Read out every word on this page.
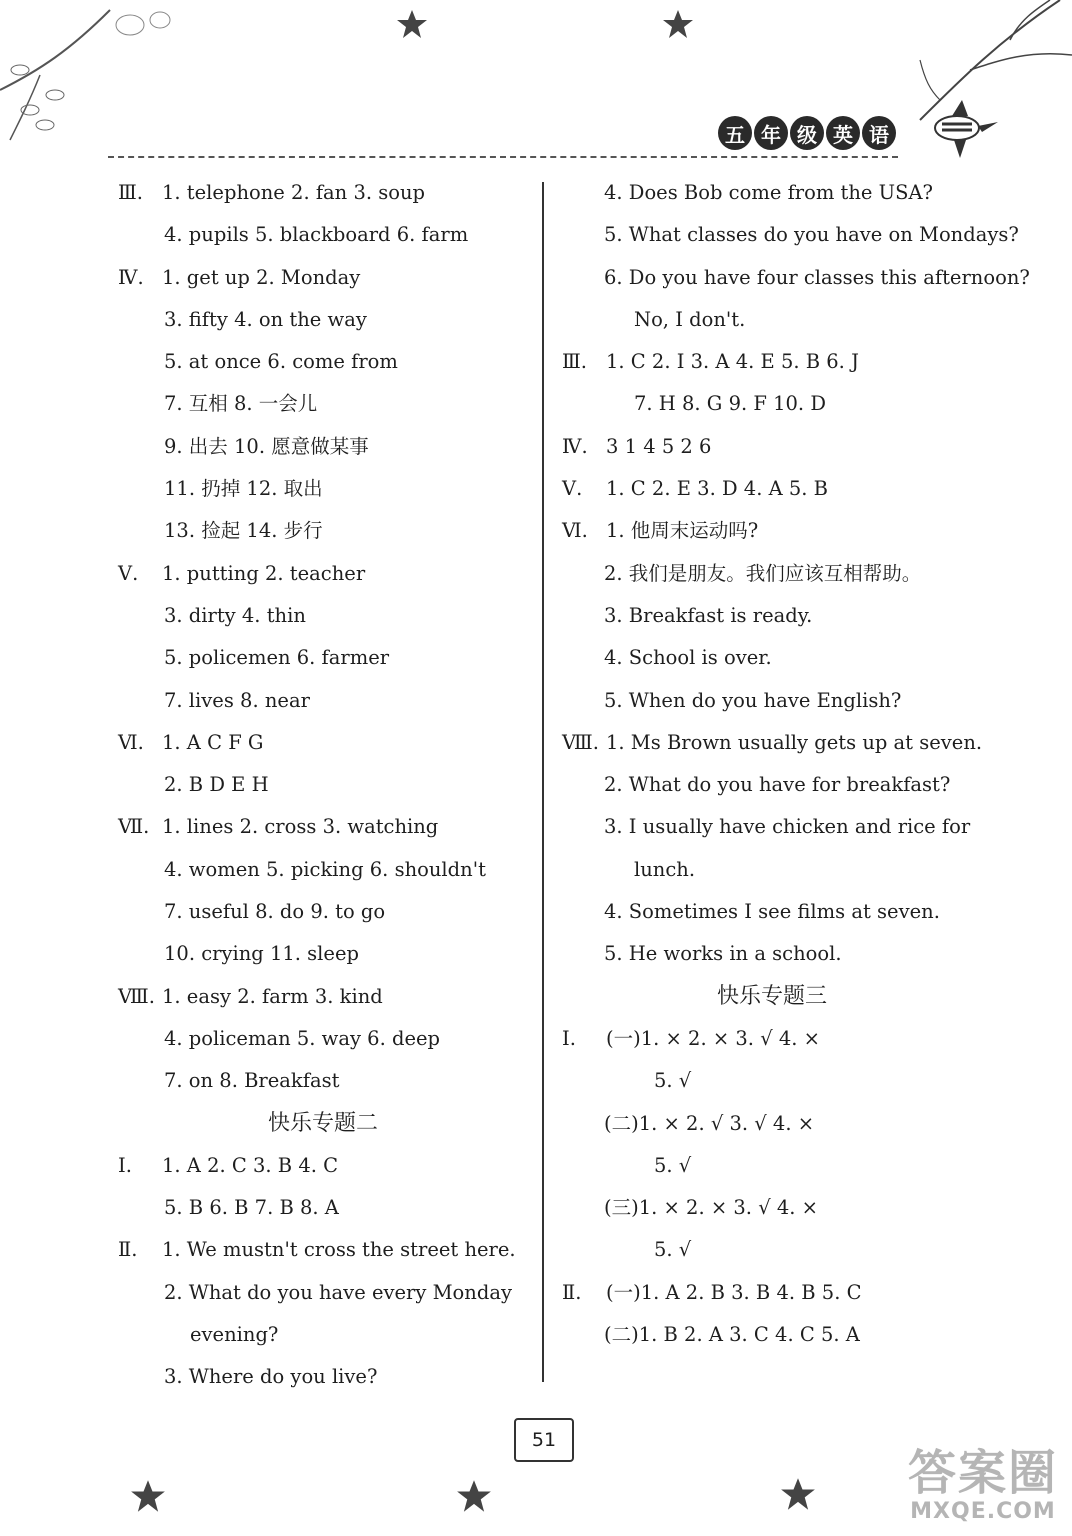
五 年 级 英 语
Ⅲ. 1. telephone 2. fan 3. soup
4. pupils 5. blackboard 6. farm
Ⅳ. 1. get up 2. Monday
3. fifty 4. on the way
5. at once 6. come from
7. 互相 8. 一会儿
9. 出去 10. 愿意做某事
11. 扔掉 12. 取出
13. 捡起 14. 步行
Ⅴ. 1. putting 2. teacher
3. dirty 4. thin
5. policemen 6. farmer
7. lives 8. near
Ⅵ. 1. A C F G
2. B D E H
Ⅶ. 1. lines 2. cross 3. watching
4. women 5. picking 6. shouldn't
7. useful 8. do 9. to go
10. crying 11. sleep
Ⅷ. 1. easy 2. farm 3. kind
4. policeman 5. way 6. deep
7. on 8. Breakfast
快乐专题二
Ⅰ. 1. A 2. C 3. B 4. C
5. B 6. B 7. B 8. A
Ⅱ. 1. We mustn't cross the street here.
2. What do you have every Monday
evening?
3. Where do you live?
4. Does Bob come from the USA?
5. What classes do you have on Mondays?
6. Do you have four classes this afternoon?
No, I don't.
Ⅲ. 1. C 2. I 3. A 4. E 5. B 6. J
7. H 8. G 9. F 10. D
Ⅳ. 3 1 4 5 2 6
Ⅴ. 1. C 2. E 3. D 4. A 5. B
Ⅵ. 1. 他周末运动吗?
2. 我们是朋友。我们应该互相帮助。
3. Breakfast is ready.
4. School is over.
5. When do you have English?
Ⅷ. 1. Ms Brown usually gets up at seven.
2. What do you have for breakfast?
3. I usually have chicken and rice for
lunch.
4. Sometimes I see films at seven.
5. He works in a school.
快乐专题三
Ⅰ. (一)1. × 2. × 3. √ 4. ×
5. √
(二)1. × 2. √ 3. √ 4. ×
5. √
(三)1. × 2. × 3. √ 4. ×
5. √
Ⅱ. (一)1. A 2. B 3. B 4. B 5. C
(二)1. B 2. A 3. C 4. C 5. A
51
答案圈
MXQE.COM
